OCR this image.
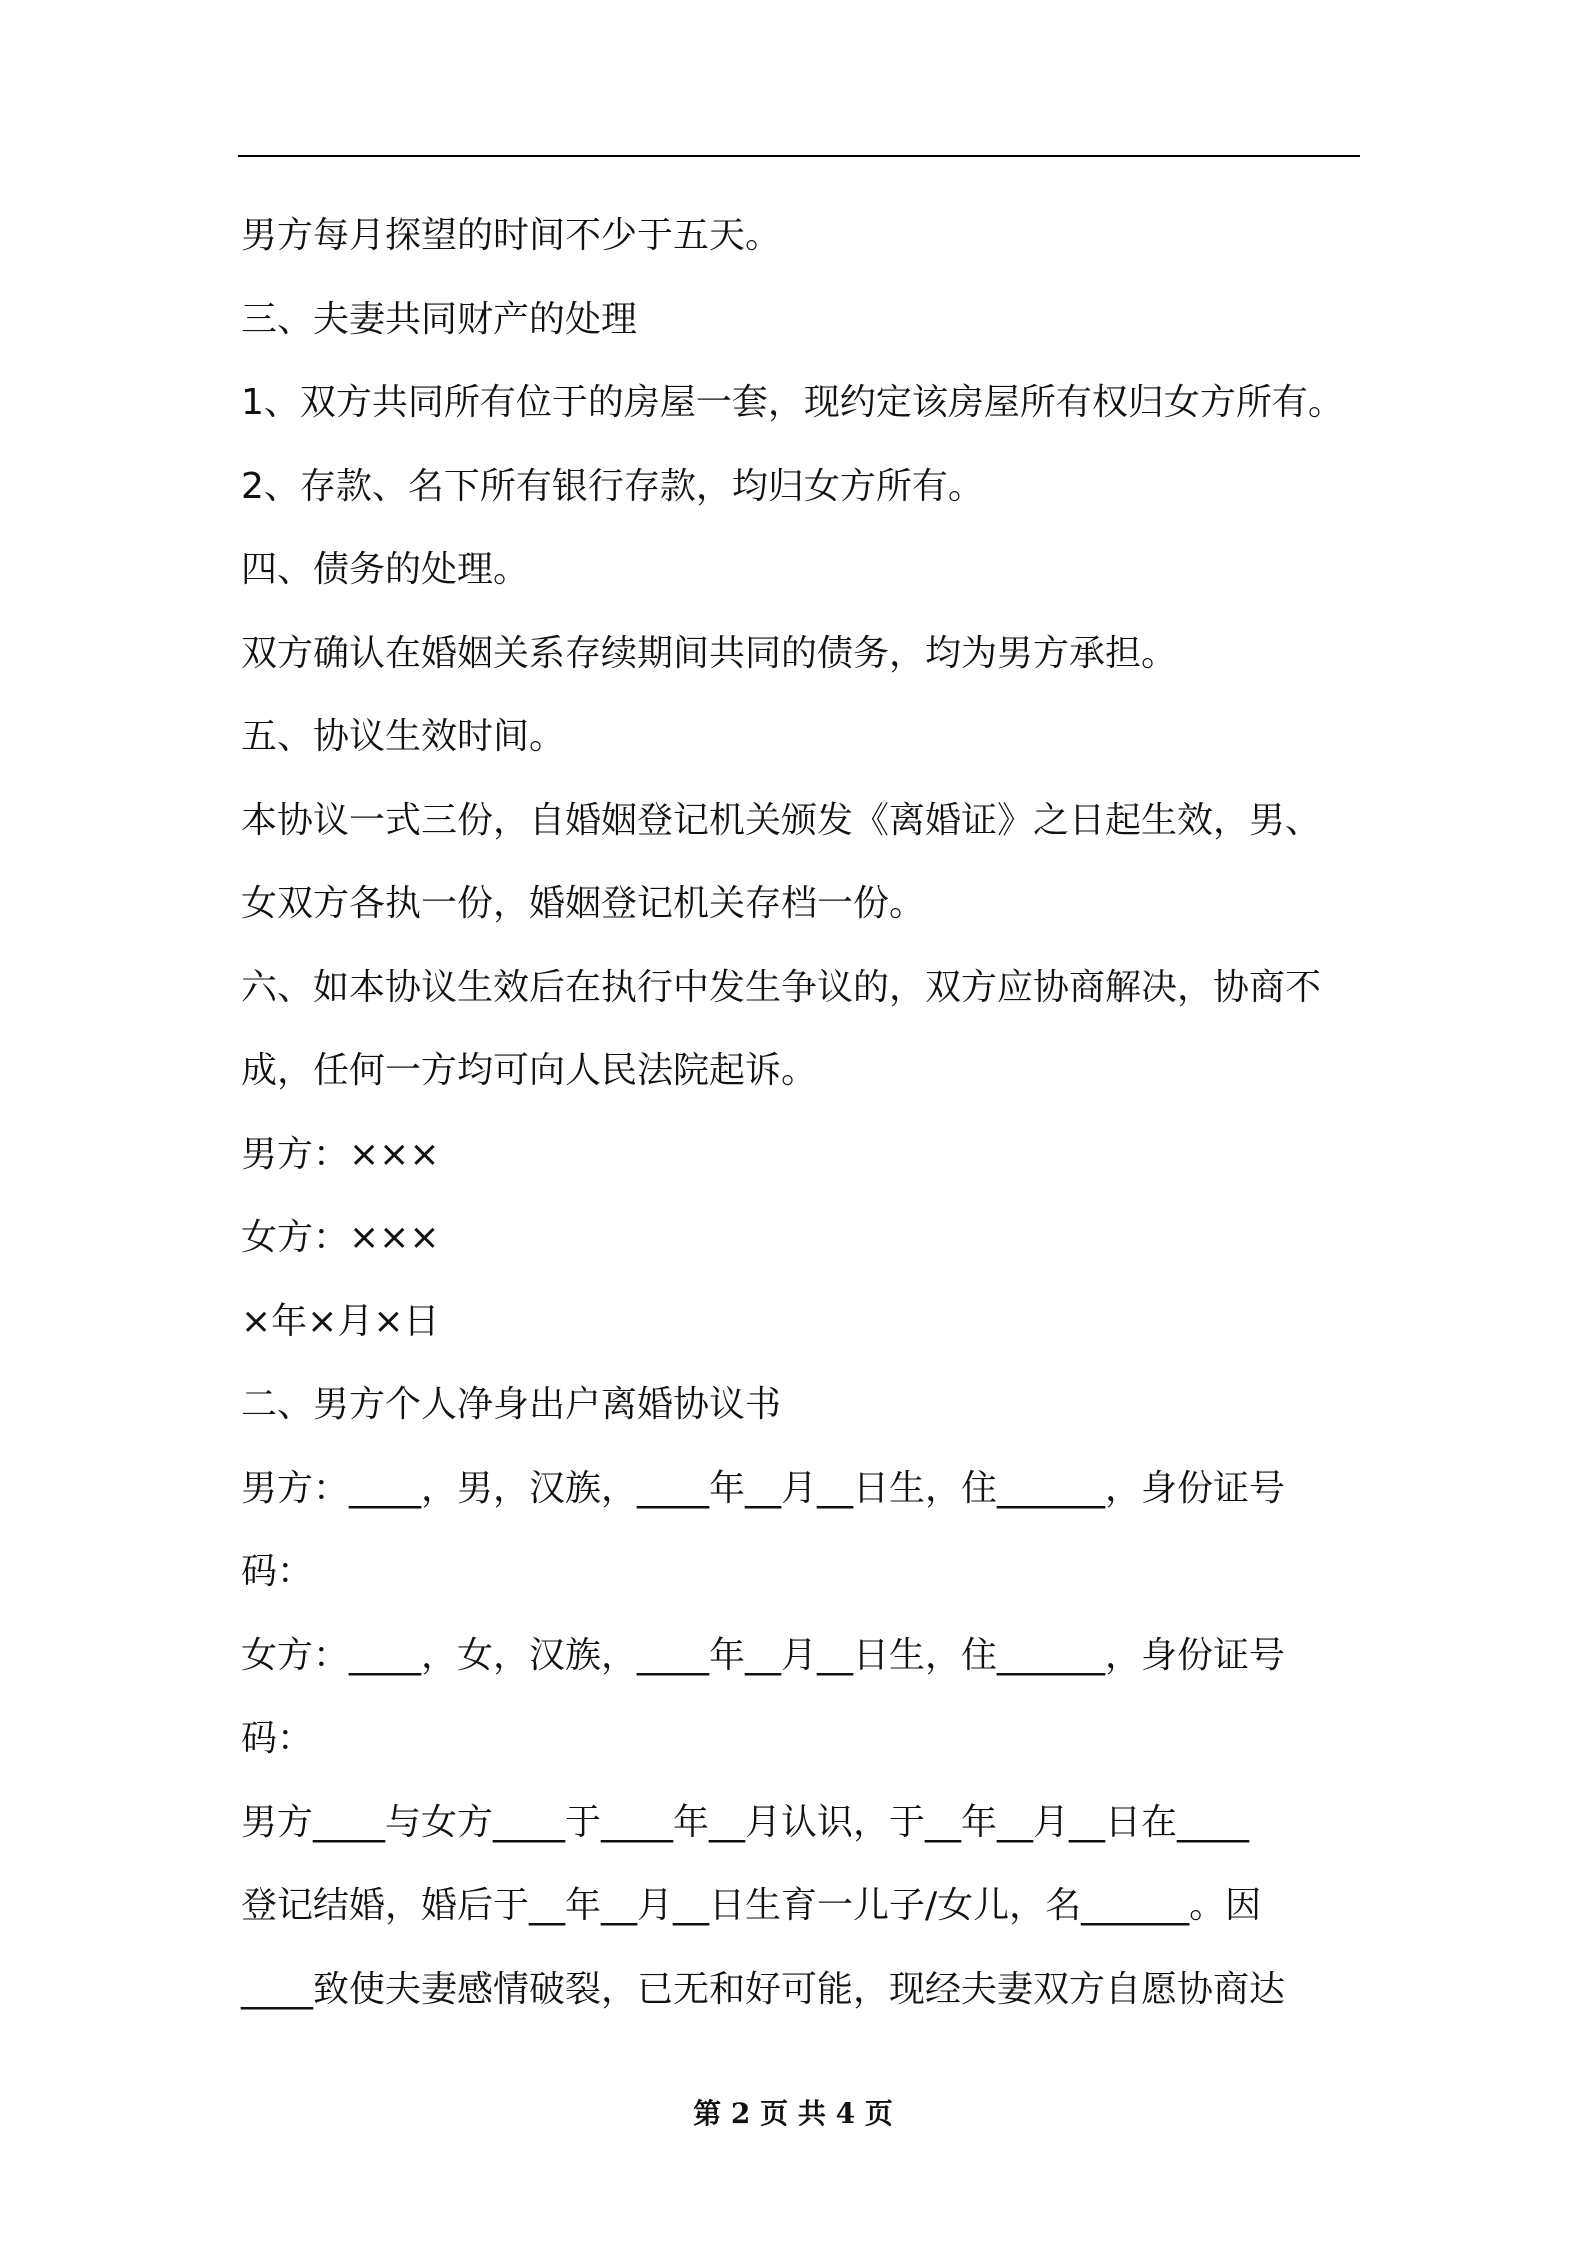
男方每月探望的时间不少于五天。
三、夫妻共同财产的处理
1、双方共同所有位于的房屋一套，现约定该房屋所有权归女方所有。
2、存款、名下所有银行存款，均归女方所有。
四、债务的处理。
双方确认在婚姻关系存续期间共同的债务，均为男方承担。
五、协议生效时间。
本协议一式三份，自婚姻登记机关颁发《离婚证》之日起生效，男、
女双方各执一份，婚姻登记机关存档一份。
六、如本协议生效后在执行中发生争议的，双方应协商解决，协商不
成，任何一方均可向人民法院起诉。
男方：×××
女方：×××
×年×月×日
二、男方个人净身出户离婚协议书
男方：____，男，汉族，____年__月__日生，住______，身份证号
码：
女方：____，女，汉族，____年__月__日生，住______，身份证号
码：
男方____与女方____于____年__月认识，于__年__月__日在____
登记结婚，婚后于__年__月__日生育一儿子/女儿，名______。因
____致使夫妻感情破裂，已无和好可能，现经夫妻双方自愿协商达
第 2 页 共 4 页
